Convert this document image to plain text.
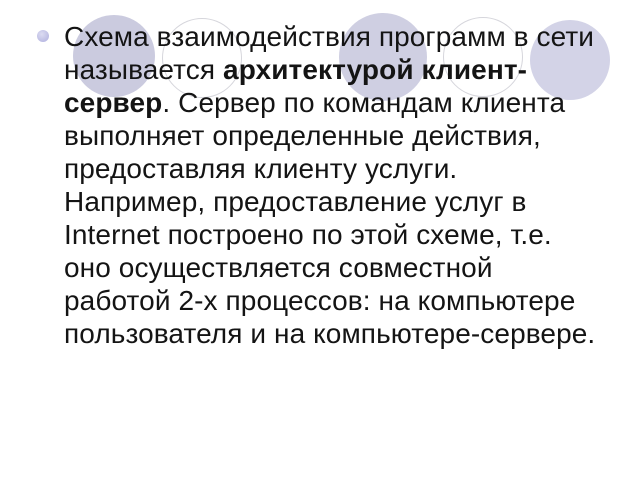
Схема взаимодействия программ в сети
называется архитектурой клиент-
сервер. Сервер по командам клиента
выполняет определенные действия,
предоставляя клиенту услуги.
Например, предоставление услуг в
Internet построено по этой схеме, т.е.
оно осуществляется совместной
работой 2-х процессов: на компьютере
пользователя и на компьютере-сервере.
